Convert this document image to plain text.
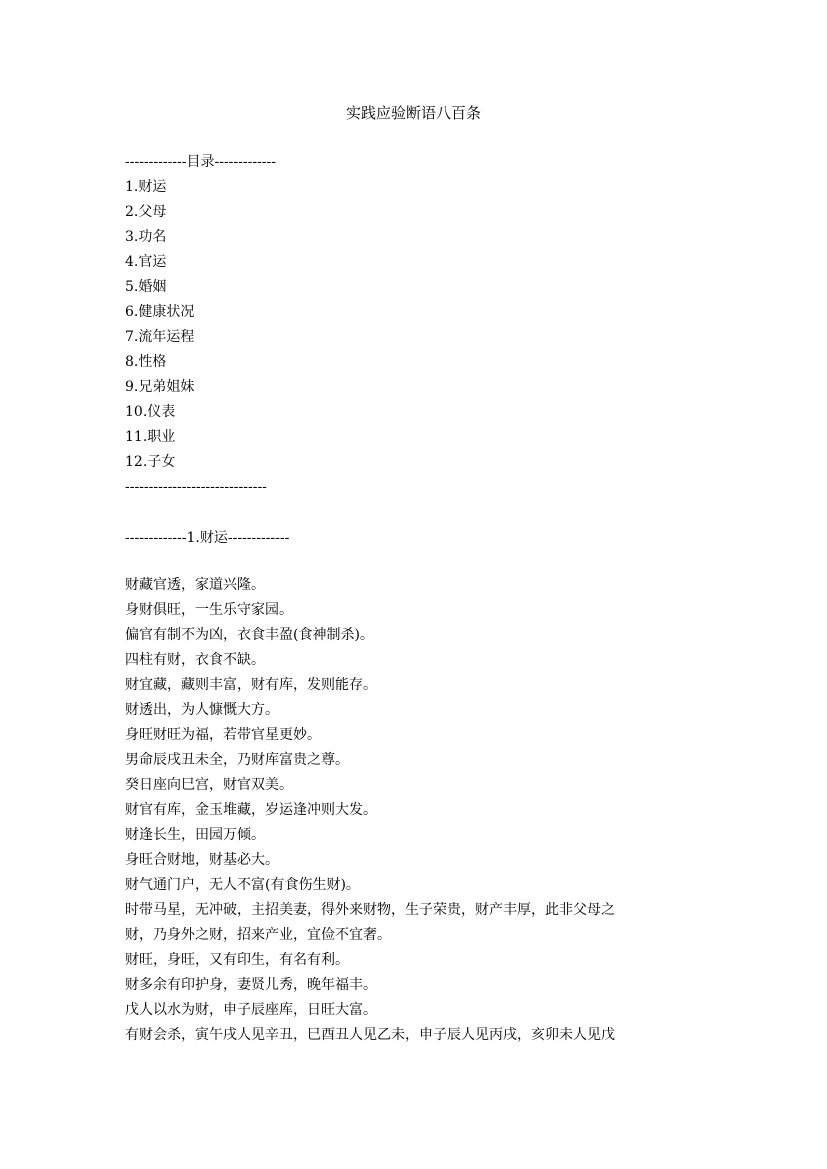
实践应验断语八百条
-------------目录-------------
1.财运
2.父母
3.功名
4.官运
5.婚姻
6.健康状况
7.流年运程
8.性格
9.兄弟姐妹
10.仪表
11.职业
12.子女
------------------------------
-------------1.财运-------------
财藏官透，家道兴隆。
身财俱旺，一生乐守家园。
偏官有制不为凶，衣食丰盈(食神制杀)。
四柱有财，衣食不缺。
财宜藏，藏则丰富，财有库，发则能存。
财透出，为人慷慨大方。
身旺财旺为福，若带官星更妙。
男命辰戌丑未全，乃财库富贵之尊。
癸日座向巳宫，财官双美。
财官有库，金玉堆藏，岁运逢冲则大发。
财逢长生，田园万倾。
身旺合财地，财基必大。
财气通门户，无人不富(有食伤生财)。
时带马星，无冲破，主招美妻，得外来财物，生子荣贵，财产丰厚，此非父母之
财，乃身外之财，招来产业，宜俭不宜奢。
财旺，身旺，又有印生，有名有利。
财多余有印护身，妻贤儿秀，晚年福丰。
戊人以水为财，申子辰座库，日旺大富。
有财会杀，寅午戌人见辛丑，巳酉丑人见乙未，申子辰人见丙戌，亥卯未人见戊
